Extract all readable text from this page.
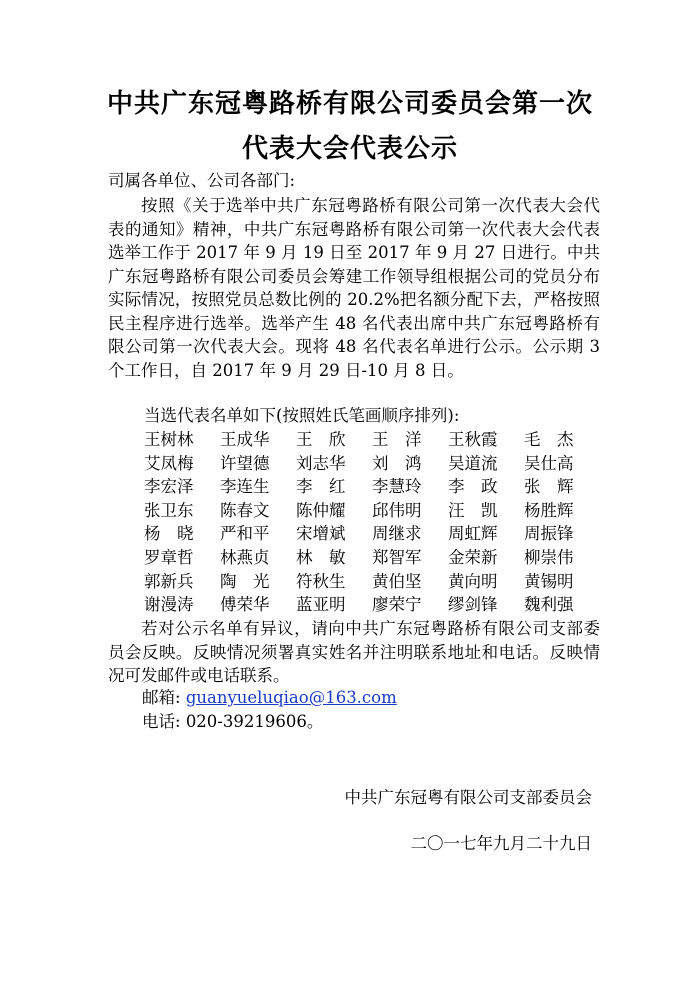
中共广东冠粤路桥有限公司委员会第一次
代表大会代表公示
司属各单位、公司各部门:
按照《关于选举中共广东冠粤路桥有限公司第一次代表大会代表的通知》精神，中共广东冠粤路桥有限公司第一次代表大会代表选举工作于 2017 年 9 月 19 日至 2017 年 9 月 27 日进行。中共广东冠粤路桥有限公司委员会筹建工作领导组根据公司的党员分布实际情况，按照党员总数比例的 20.2%把名额分配下去，严格按照民主程序进行选举。选举产生 48 名代表出席中共广东冠粤路桥有限公司第一次代表大会。现将 48 名代表名单进行公示。公示期 3 个工作日，自 2017 年 9 月 29 日-10 月 8 日。
当选代表名单如下(按照姓氏笔画顺序排列):
王树林	王成华	王　欣	王　洋	王秋霞	毛　杰
艾凤梅	许望德	刘志华	刘　鸿	吴道流	吴仕高
李宏泽	李连生	李　红	李慧玲	李　政	张　辉
张卫东	陈春文	陈仲耀	邱伟明	汪　凯	杨胜辉
杨　晓	严和平	宋增斌	周继求	周虹辉	周振锋
罗章哲	林燕贞	林　敏	郑智军	金荣新	柳崇伟
郭新兵	陶　光	符秋生	黄伯坚	黄向明	黄锡明
谢漫涛	傅荣华	蓝亚明	廖荣宁	缪剑锋	魏利强
若对公示名单有异议，请向中共广东冠粤路桥有限公司支部委员会反映。反映情况须署真实姓名并注明联系地址和电话。反映情况可发邮件或电话联系。
邮箱: guanyueluqiao@163.com
电话: 020-39219606。
中共广东冠粤有限公司支部委员会
二〇一七年九月二十九日
